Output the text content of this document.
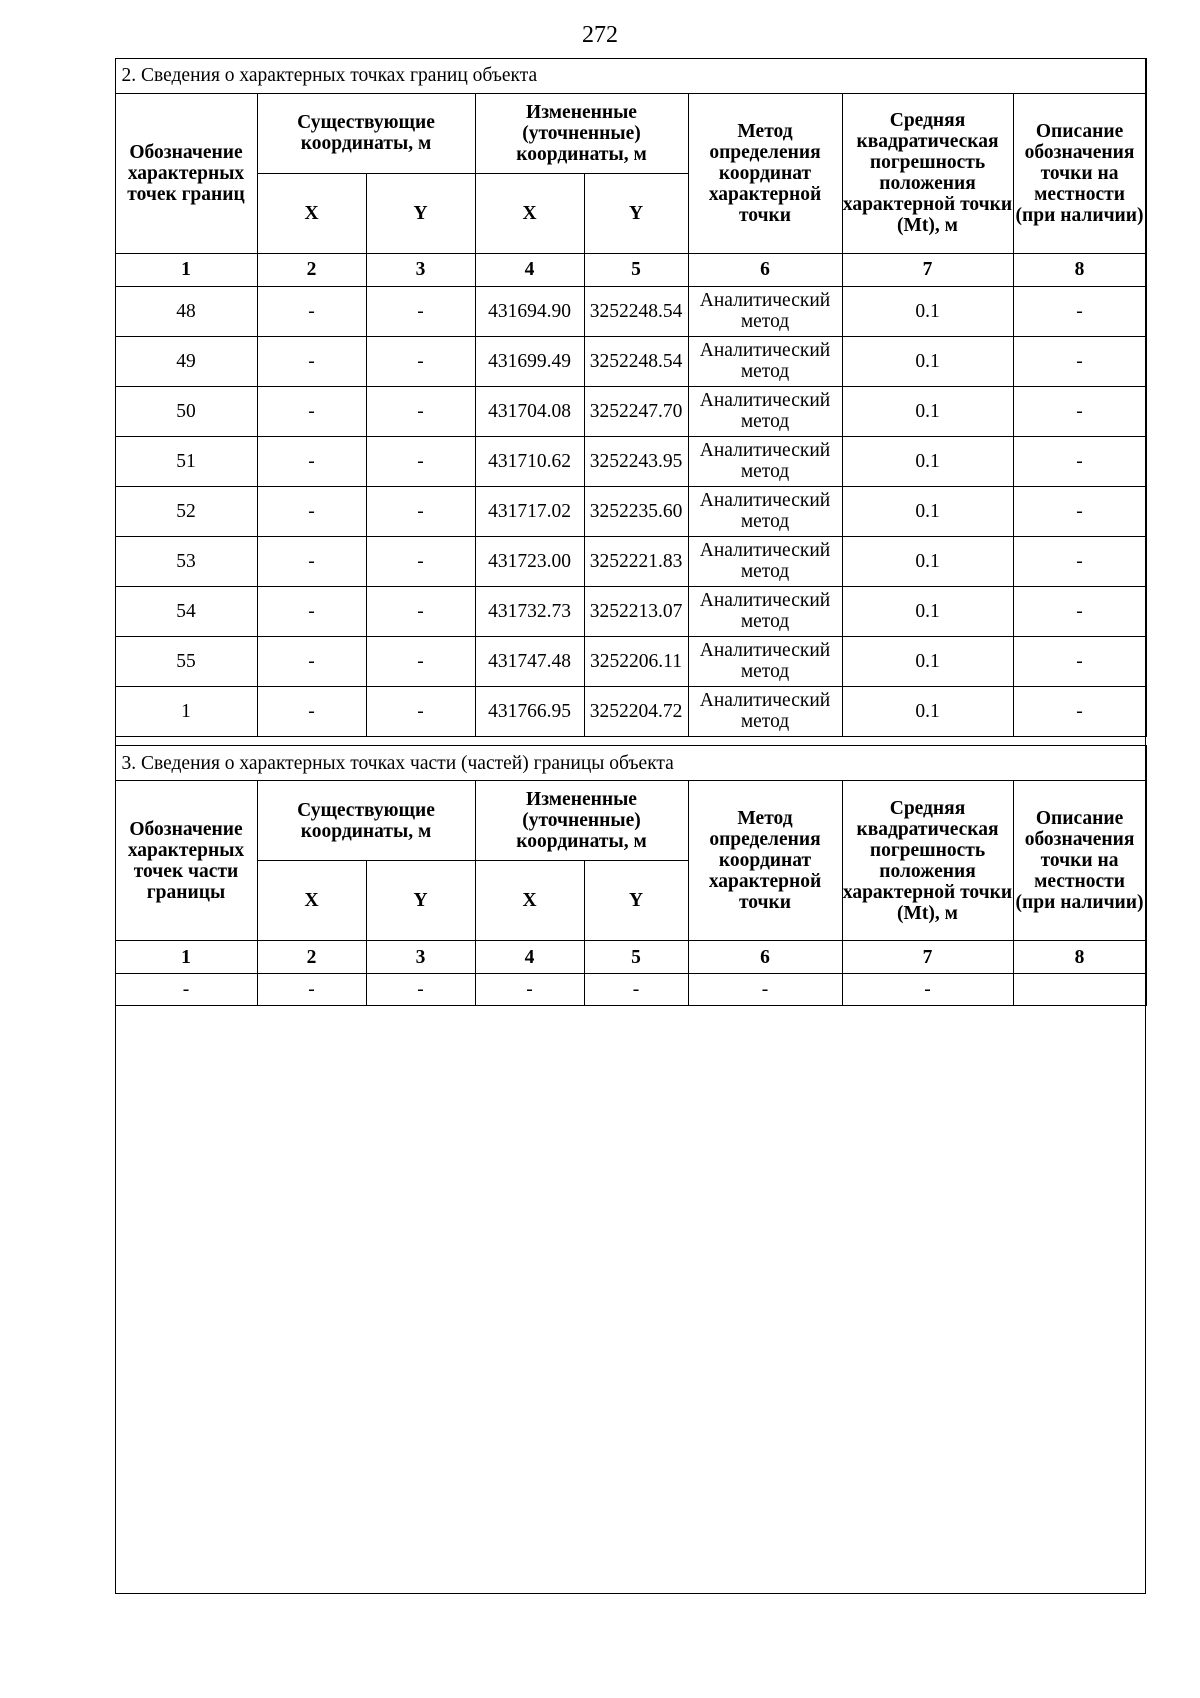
272
2. Сведения о характерных точках границ объекта							
Обозначение характерных точек границ	Существующие координаты, м		Измененные (уточненные) координаты, м		Метод определения координат характерной точки	Средняя квадратическая погрешность положения характерной точки (Mt), м	Описание обозначения точки на местности (при наличии)
	X	Y	X	Y			
1	2	3	4	5	6	7	8
48	-	-	431694.90	3252248.54	Аналитический метод	0.1	-
49	-	-	431699.49	3252248.54	Аналитический метод	0.1	-
50	-	-	431704.08	3252247.70	Аналитический метод	0.1	-
51	-	-	431710.62	3252243.95	Аналитический метод	0.1	-
52	-	-	431717.02	3252235.60	Аналитический метод	0.1	-
53	-	-	431723.00	3252221.83	Аналитический метод	0.1	-
54	-	-	431732.73	3252213.07	Аналитический метод	0.1	-
55	-	-	431747.48	3252206.11	Аналитический метод	0.1	-
1	-	-	431766.95	3252204.72	Аналитический метод	0.1	-
3. Сведения о характерных точках части (частей) границы объекта							
Обозначение характерных точек части границы	Существующие координаты, м		Измененные (уточненные) координаты, м		Метод определения координат характерной точки	Средняя квадратическая погрешность положения характерной точки (Mt), м	Описание обозначения точки на местности (при наличии)
	X	Y	X	Y			
1	2	3	4	5	6	7	8
-	-	-	-	-	-	-	
